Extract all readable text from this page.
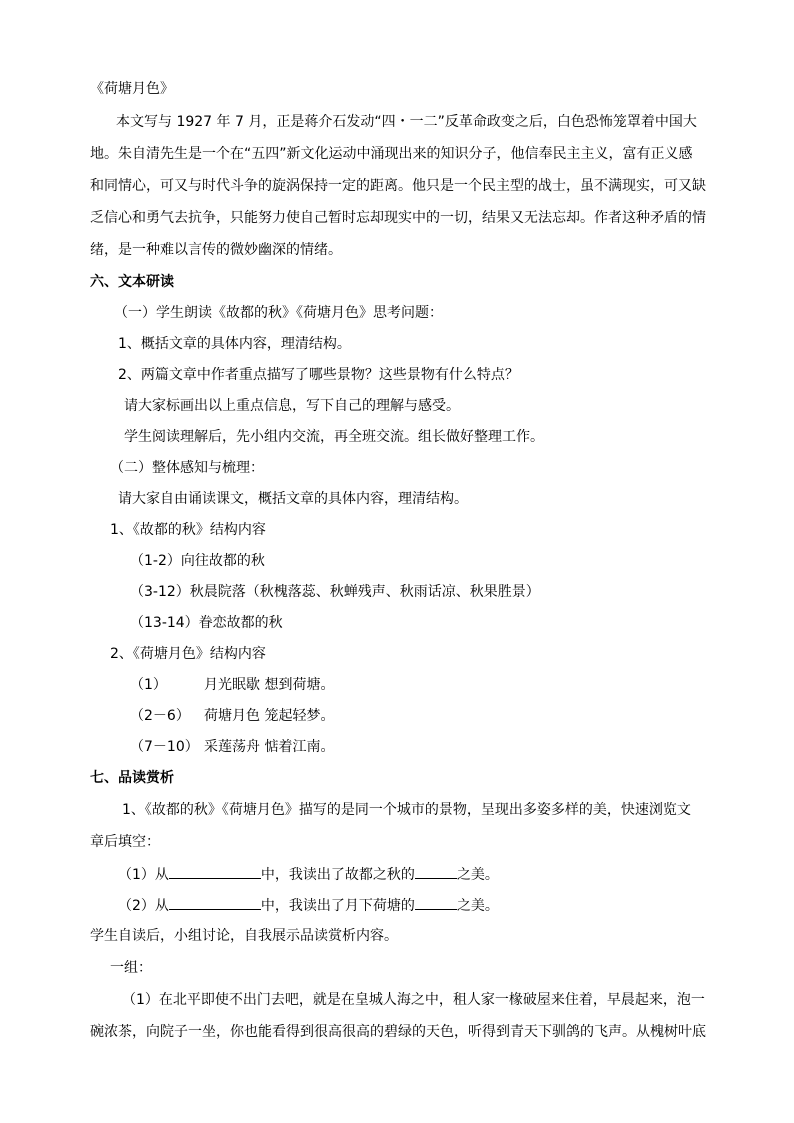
《荷塘月色》
本文写与 1927 年 7 月，正是蒋介石发动“四・一二”反革命政变之后，白色恐怖笼罩着中国大
地。朱自清先生是一个在“五四”新文化运动中涌现出来的知识分子，他信奉民主主义，富有正义感
和同情心，可又与时代斗争的旋涡保持一定的距离。他只是一个民主型的战士，虽不满现实，可又缺
乏信心和勇气去抗争，只能努力使自己暂时忘却现实中的一切，结果又无法忘却。作者这种矛盾的情
绪，是一种难以言传的微妙幽深的情绪。
六、文本研读
（一）学生朗读《故都的秋》《荷塘月色》思考问题：
1、概括文章的具体内容，理清结构。
2、两篇文章中作者重点描写了哪些景物？这些景物有什么特点？
请大家标画出以上重点信息，写下自己的理解与感受。
学生阅读理解后，先小组内交流，再全班交流。组长做好整理工作。
（二）整体感知与梳理：
请大家自由诵读课文，概括文章的具体内容，理清结构。
1、《故都的秋》结构内容
（1-2）向往故都的秋
（3-12）秋晨院落（秋槐落蕊、秋蝉残声、秋雨话凉、秋果胜景）
（13-14）眷恋故都的秋
2、《荷塘月色》结构内容
（1）	月光眠歇 想到荷塘。
（2－6） 荷塘月色 笼起轻梦。
（7－10） 采莲荡舟 惦着江南。
七、品读赏析
1、《故都的秋》《荷塘月色》描写的是同一个城市的景物，呈现出多姿多样的美，快速浏览文
章后填空：
（1）从	中，我读出了故都之秋的	之美。
（2）从	中，我读出了月下荷塘的	之美。
学生自读后，小组讨论，自我展示品读赏析内容。
一组：
（1）在北平即使不出门去吧，就是在皇城人海之中，租人家一椽破屋来住着，早晨起来，泡一
碗浓茶，向院子一坐，你也能看得到很高很高的碧绿的天色，听得到青天下驯鸽的飞声。从槐树叶底
